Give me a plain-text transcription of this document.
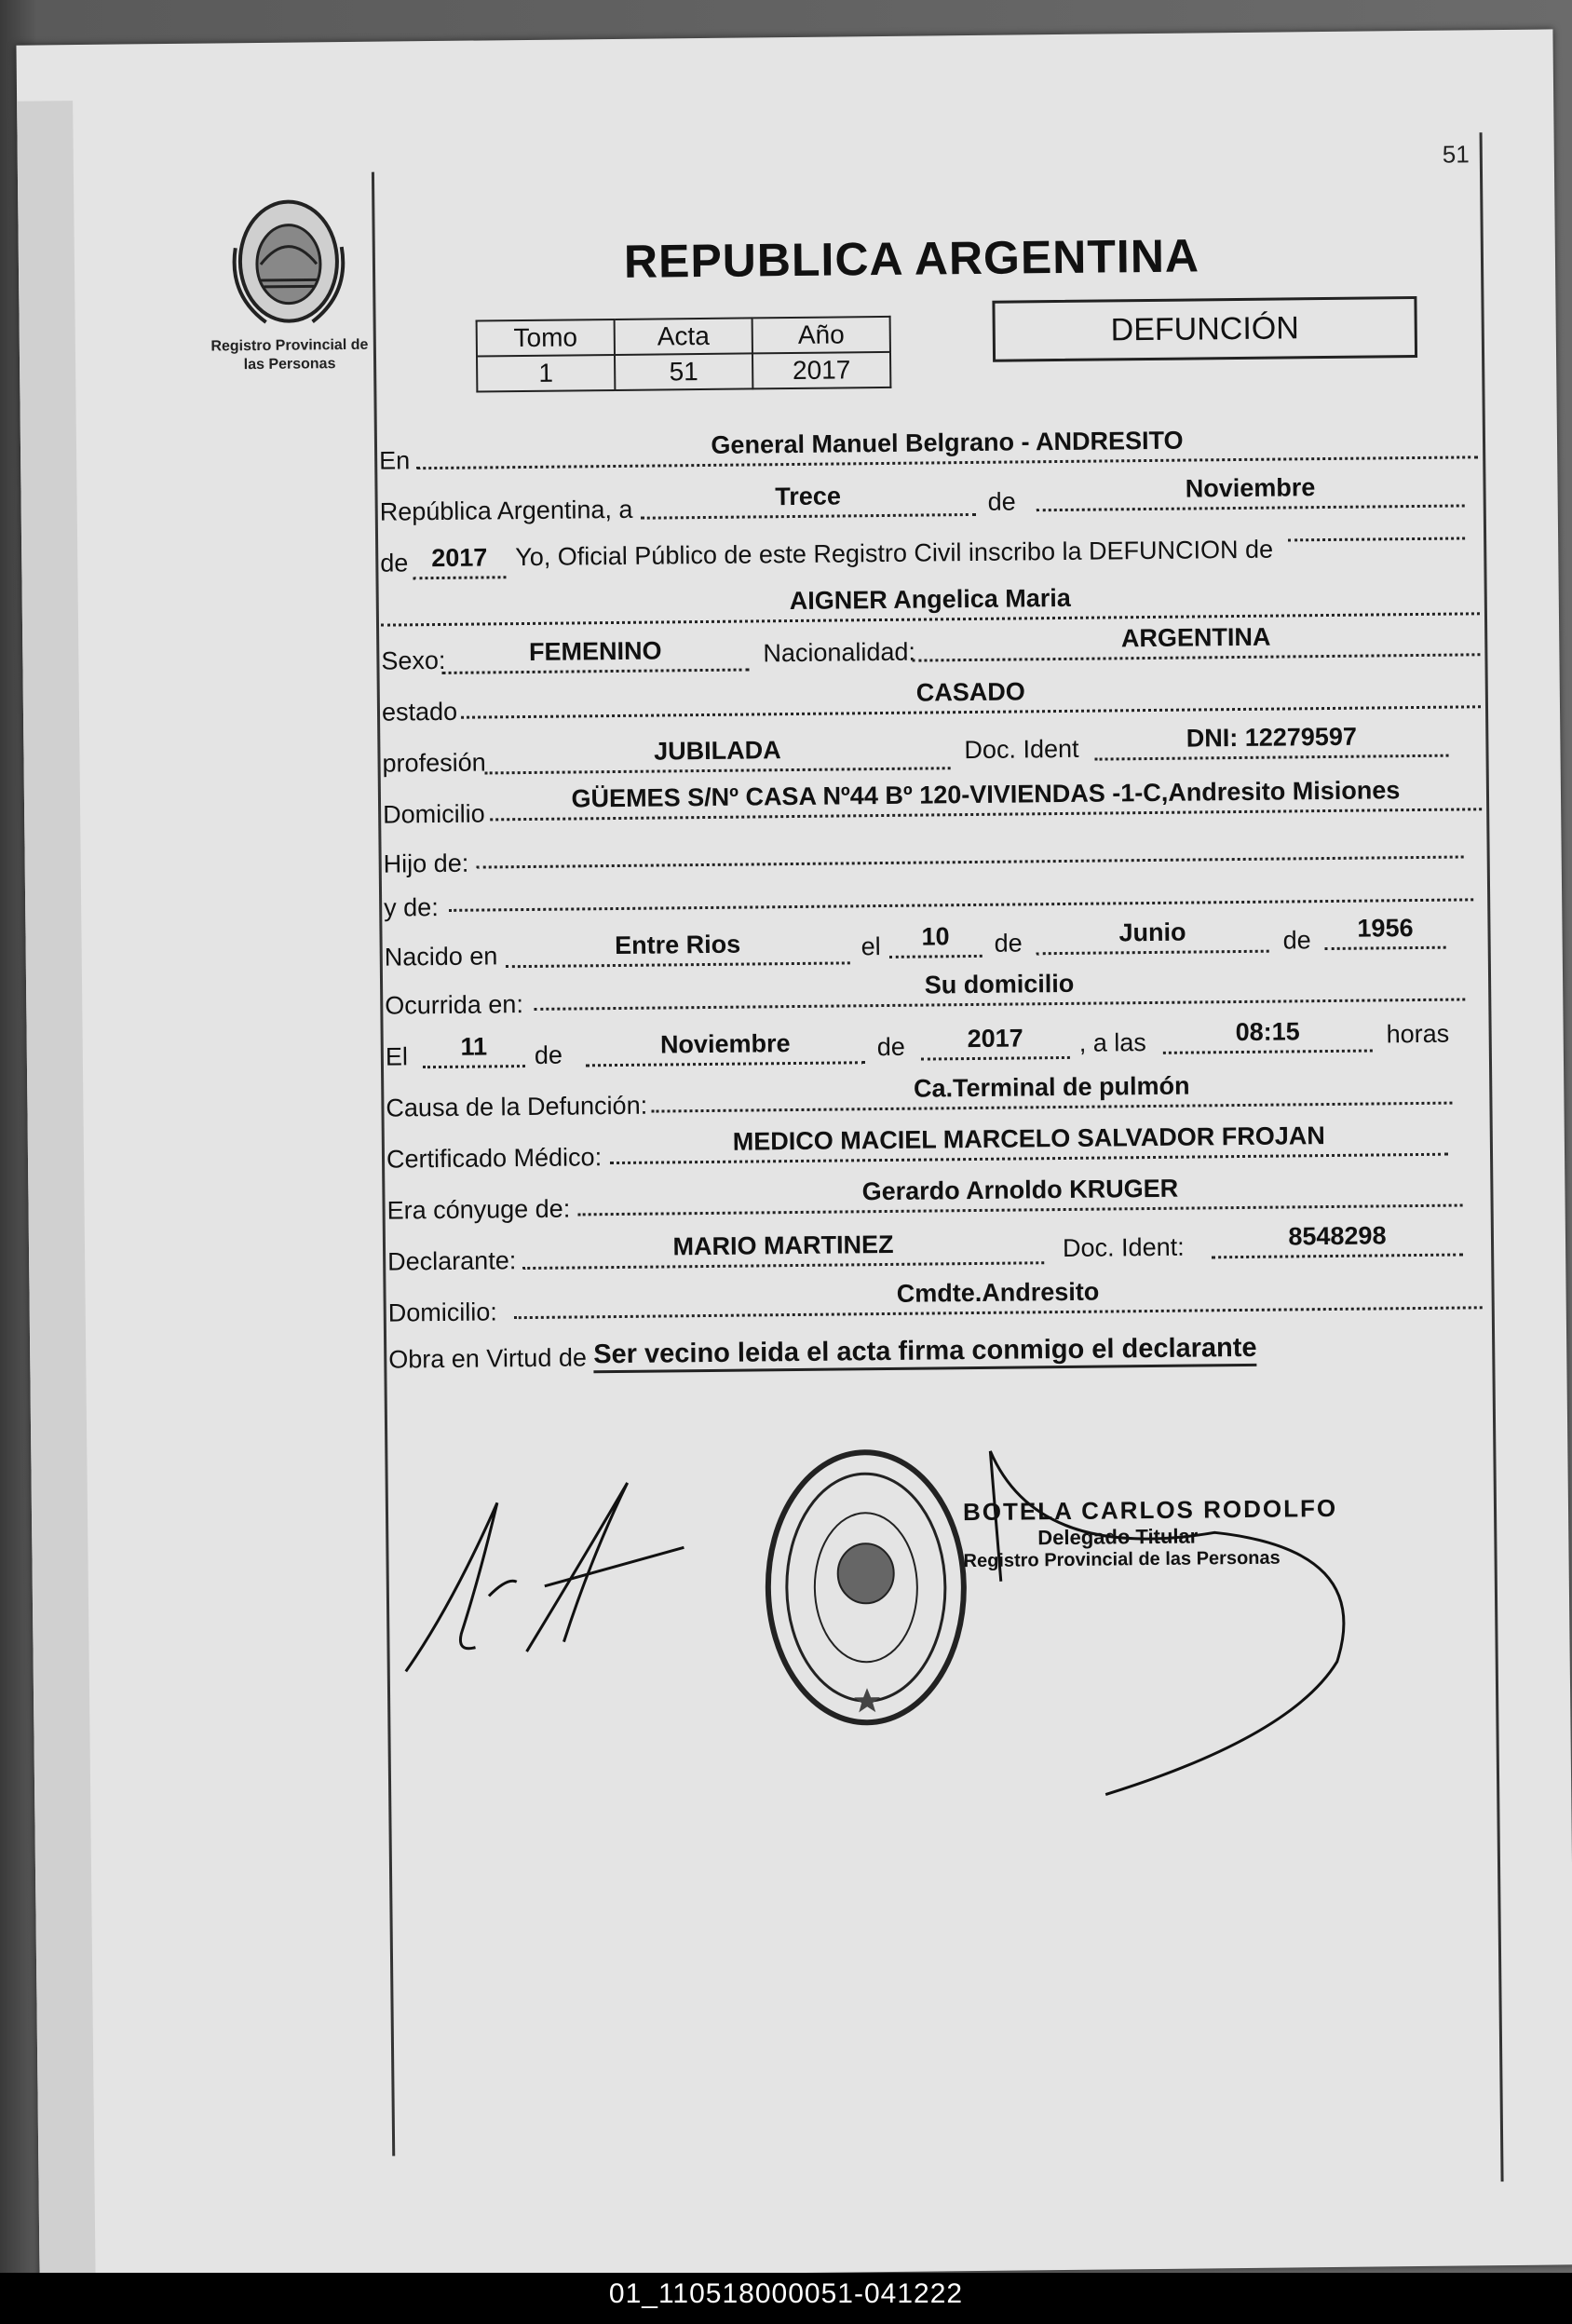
51
Registro Provincial de
las Personas
REPUBLICA ARGENTINA
Tomo	Acta	Año
1	51	2017
DEFUNCIÓN
En
General Manuel Belgrano - ANDRESITO
República Argentina, a	Trece	de	Noviembre
de 2017	Yo, Oficial Público de este Registro Civil inscribo la DEFUNCION de
AIGNER Angelica Maria
Sexo:	FEMENINO	Nacionalidad:
ARGENTINA
estado
CASADO
profesión	JUBILADA	Doc. Ident	DNI: 12279597
Domicilio
GÜEMES S/Nº CASA Nº44 Bº 120-VIVIENDAS -1-C,Andresito Misiones
Hijo de:
y de:
Nacido en	Entre Rios	el	10	de	Junio	de	1956
Ocurrida en:
Su domicilio
El	11	de	Noviembre	de	2017	, a las	08:15	horas
Causa de la Defunción:
Ca.Terminal de pulmón
Certificado Médico:
MEDICO MACIEL MARCELO SALVADOR FROJAN
Era cónyuge de:
Gerardo Arnoldo KRUGER
Declarante:
MARIO MARTINEZ	Doc. Ident:	8548298
Domicilio:
Cmdte.Andresito
Obra en Virtud de Ser vecino leida el acta firma conmigo el declarante
BOTELA CARLOS RODOLFO
Delegado Titular
Registro Provincial de las Personas
01_110518000051-041222
